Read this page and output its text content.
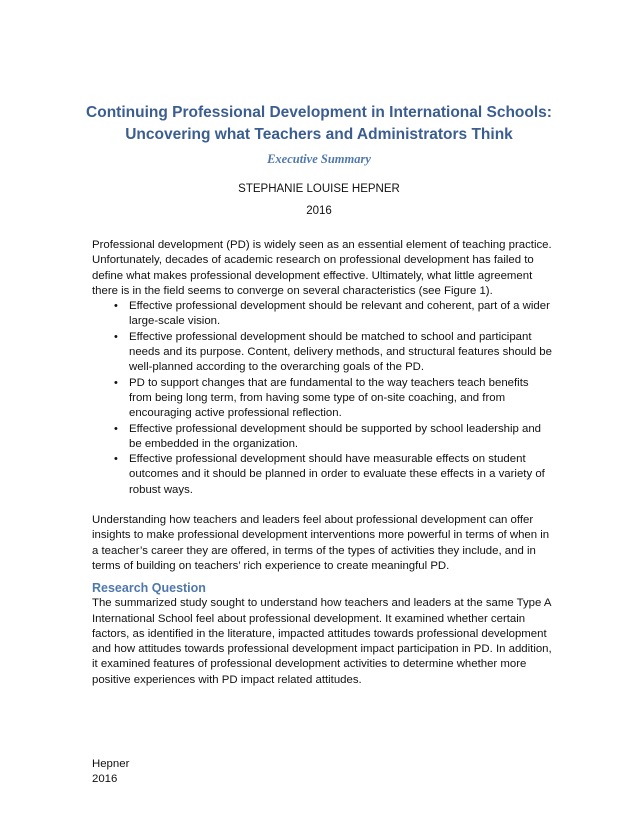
Continuing Professional Development in International Schools:
Uncovering what Teachers and Administrators Think

Executive Summary

STEPHANIE LOUISE HEPNER

2016

Professional development (PD) is widely seen as an essential element of teaching practice. Unfortunately, decades of academic research on professional development has failed to define what makes professional development effective. Ultimately, what little agreement there is in the field seems to converge on several characteristics (see Figure 1).

• Effective professional development should be relevant and coherent, part of a wider large-scale vision.
• Effective professional development should be matched to school and participant needs and its purpose. Content, delivery methods, and structural features should be well-planned according to the overarching goals of the PD.
• PD to support changes that are fundamental to the way teachers teach benefits from being long term, from having some type of on-site coaching, and from encouraging active professional reflection.
• Effective professional development should be supported by school leadership and be embedded in the organization.
• Effective professional development should have measurable effects on student outcomes and it should be planned in order to evaluate these effects in a variety of robust ways.

Understanding how teachers and leaders feel about professional development can offer insights to make professional development interventions more powerful in terms of when in a teacher’s career they are offered, in terms of the types of activities they include, and in terms of building on teachers’ rich experience to create meaningful PD.

Research Question

The summarized study sought to understand how teachers and leaders at the same Type A International School feel about professional development. It examined whether certain factors, as identified in the literature, impacted attitudes towards professional development and how attitudes towards professional development impact participation in PD. In addition, it examined features of professional development activities to determine whether more positive experiences with PD impact related attitudes.

Hepner
2016
